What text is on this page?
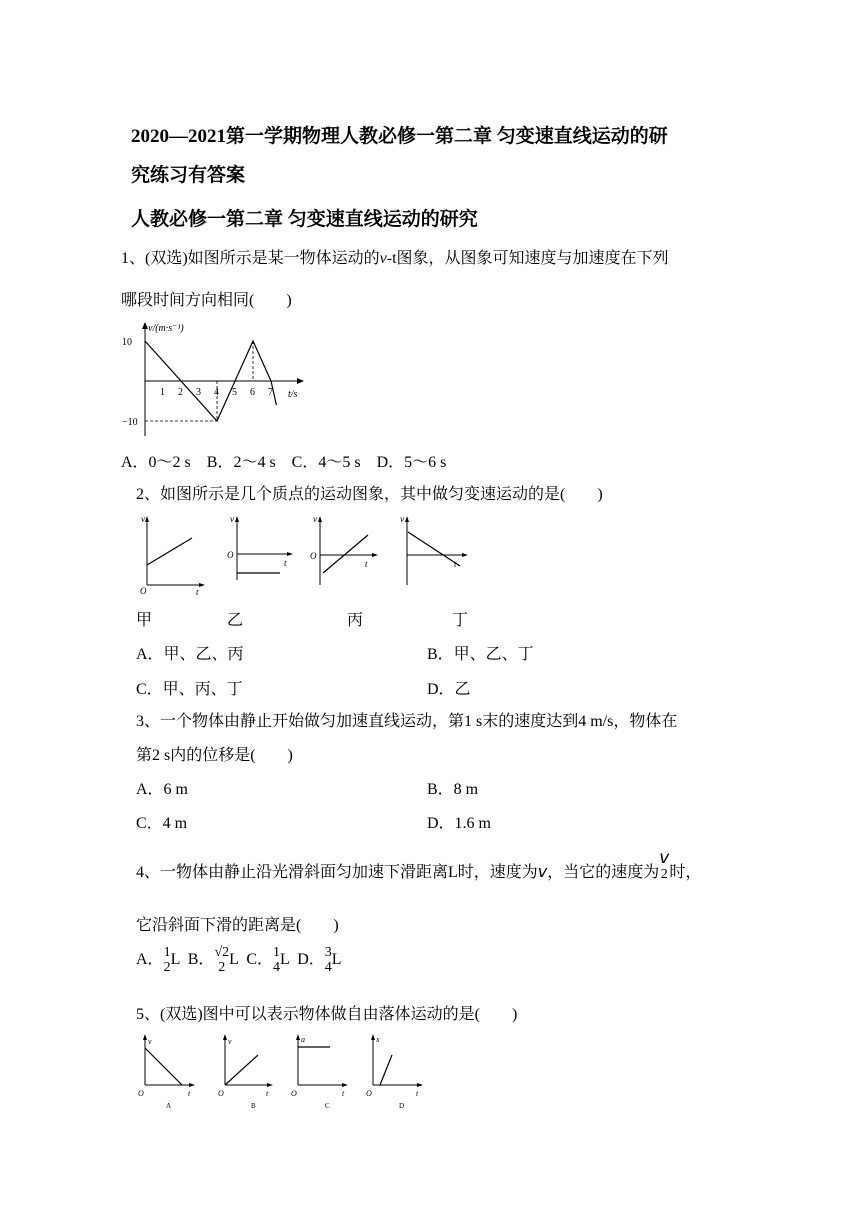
2020—2021第一学期物理人教必修一第二章 匀变速直线运动的研
究练习有答案
人教必修一第二章 匀变速直线运动的研究
1、(双选)如图所示是某一物体运动的v-t图象，从图象可知速度与加速度在下列
哪段时间方向相同(　　)
v/(m·s⁻¹)
t/s
1 2 3 4 5 6 7
10
−10
A．0～2 s　B．2～4 s　C．4～5 s　D．5～6 s
2、如图所示是几个质点的运动图象，其中做匀变速运动的是(　　)
v
t
O
v
t
O
v
t
O
v
t
甲	乙	丙	丁
A．甲、乙、丙	B．甲、乙、丁
C．甲、丙、丁	D．乙
3、一个物体由静止开始做匀加速直线运动，第1 s末的速度达到4 m/s，物体在
第2 s内的位移是(　　)
A．6 m	B．8 m
C．4 m	D．1.6 m
4、一物体由静止沿光滑斜面匀加速下滑距离L时，速度为v，当它的速度为
v
2 时，
它沿斜面下滑的距离是(　　)
A． 1
2 L B． √2
2 L C． 1
4 L D． 3
4 L
5、(双选)图中可以表示物体做自由落体运动的是(　　)
v
t
O
A
v
t
O
B
a
t
O
C
x
t
O
D
